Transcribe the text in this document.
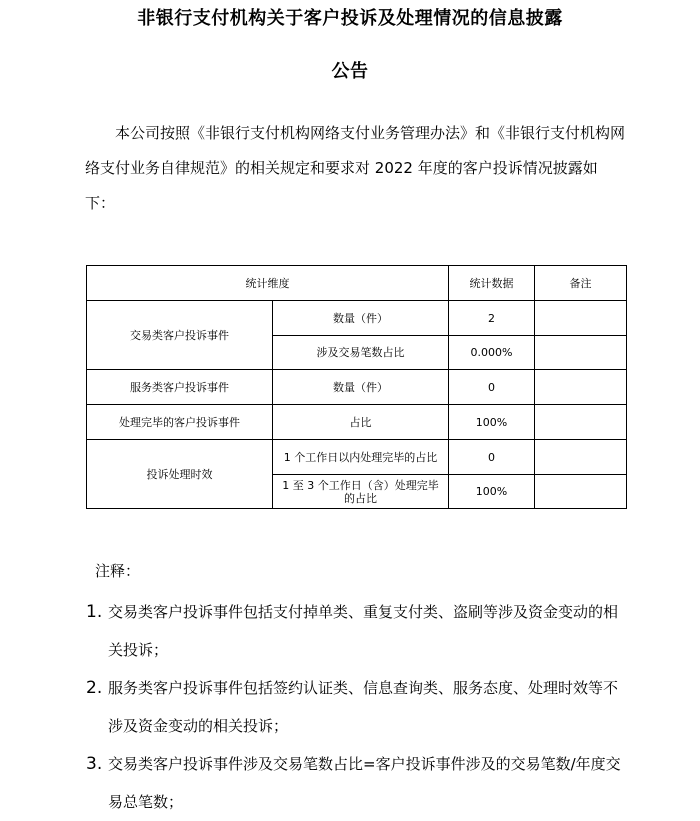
非银行支付机构关于客户投诉及处理情况的信息披露
公告

本公司按照《非银行支付机构网络支付业务管理办法》和《非银行支付机构网络支付业务自律规范》的相关规定和要求对 2022 年度的客户投诉情况披露如下：

统计维度		统计数据	备注
交易类客户投诉事件	数量（件）	2	
	涉及交易笔数占比	0.000%	
服务类客户投诉事件	数量（件）	0	
处理完毕的客户投诉事件	占比	100%	
投诉处理时效	1 个工作日以内处理完毕的占比	0	
	1 至 3 个工作日（含）处理完毕的占比	100%	
注释：
1. 交易类客户投诉事件包括支付掉单类、重复支付类、盗刷等涉及资金变动的相关投诉；
2. 服务类客户投诉事件包括签约认证类、信息查询类、服务态度、处理时效等不涉及资金变动的相关投诉；
3. 交易类客户投诉事件涉及交易笔数占比=客户投诉事件涉及的交易笔数/年度交易总笔数；
